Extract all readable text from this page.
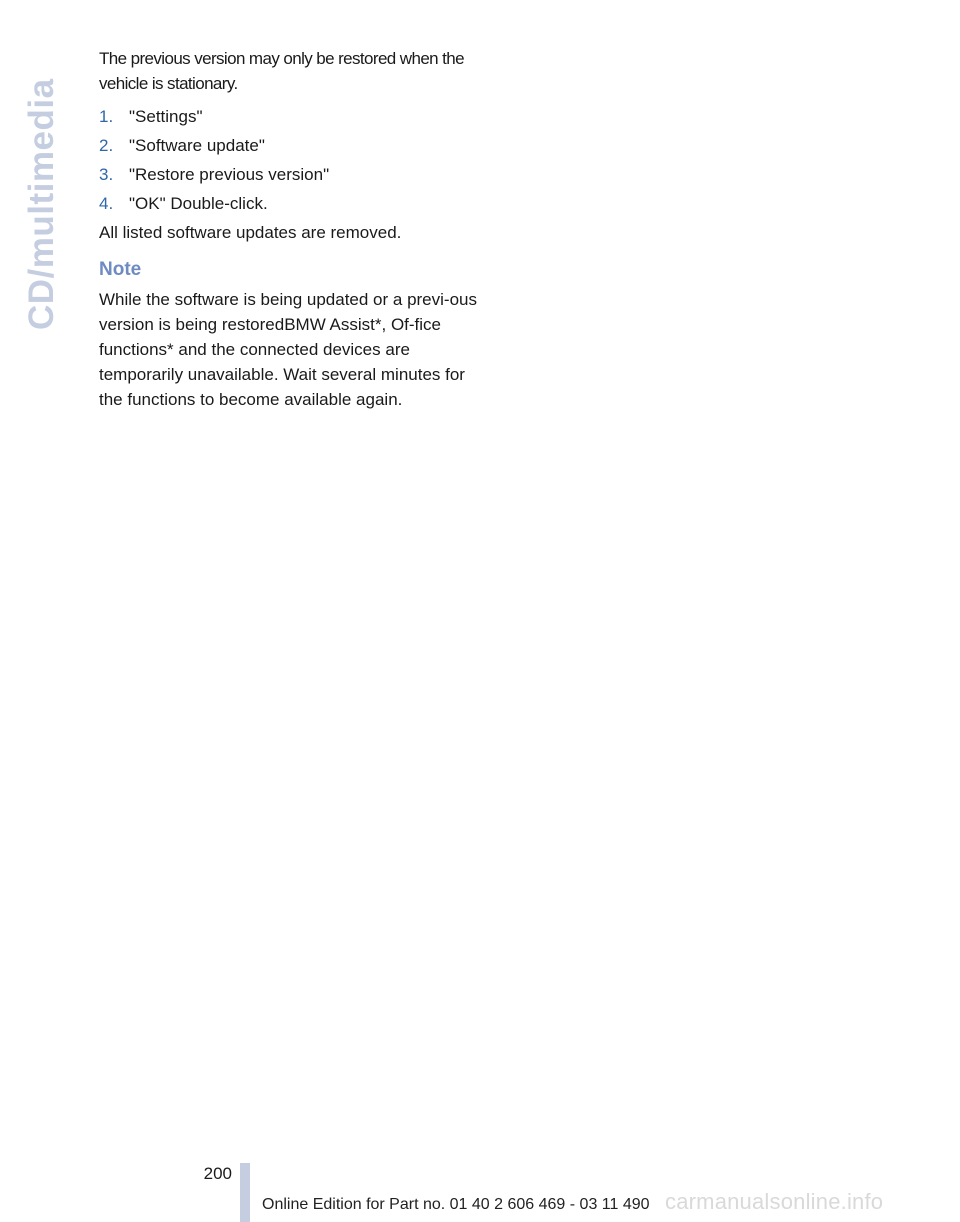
CD/multimedia

The previous version may only be restored when the vehicle is stationary.

1. "Settings"
2. "Software update"
3. "Restore previous version"
4. "OK" Double-click.

All listed software updates are removed.

Note

While the software is being updated or a previ-ous version is being restoredBMW Assist*, Of-fice functions* and the connected devices are temporarily unavailable. Wait several minutes for the functions to become available again.

200
Online Edition for Part no. 01 40 2 606 469 - 03 11 490 carmanualsonline.info
